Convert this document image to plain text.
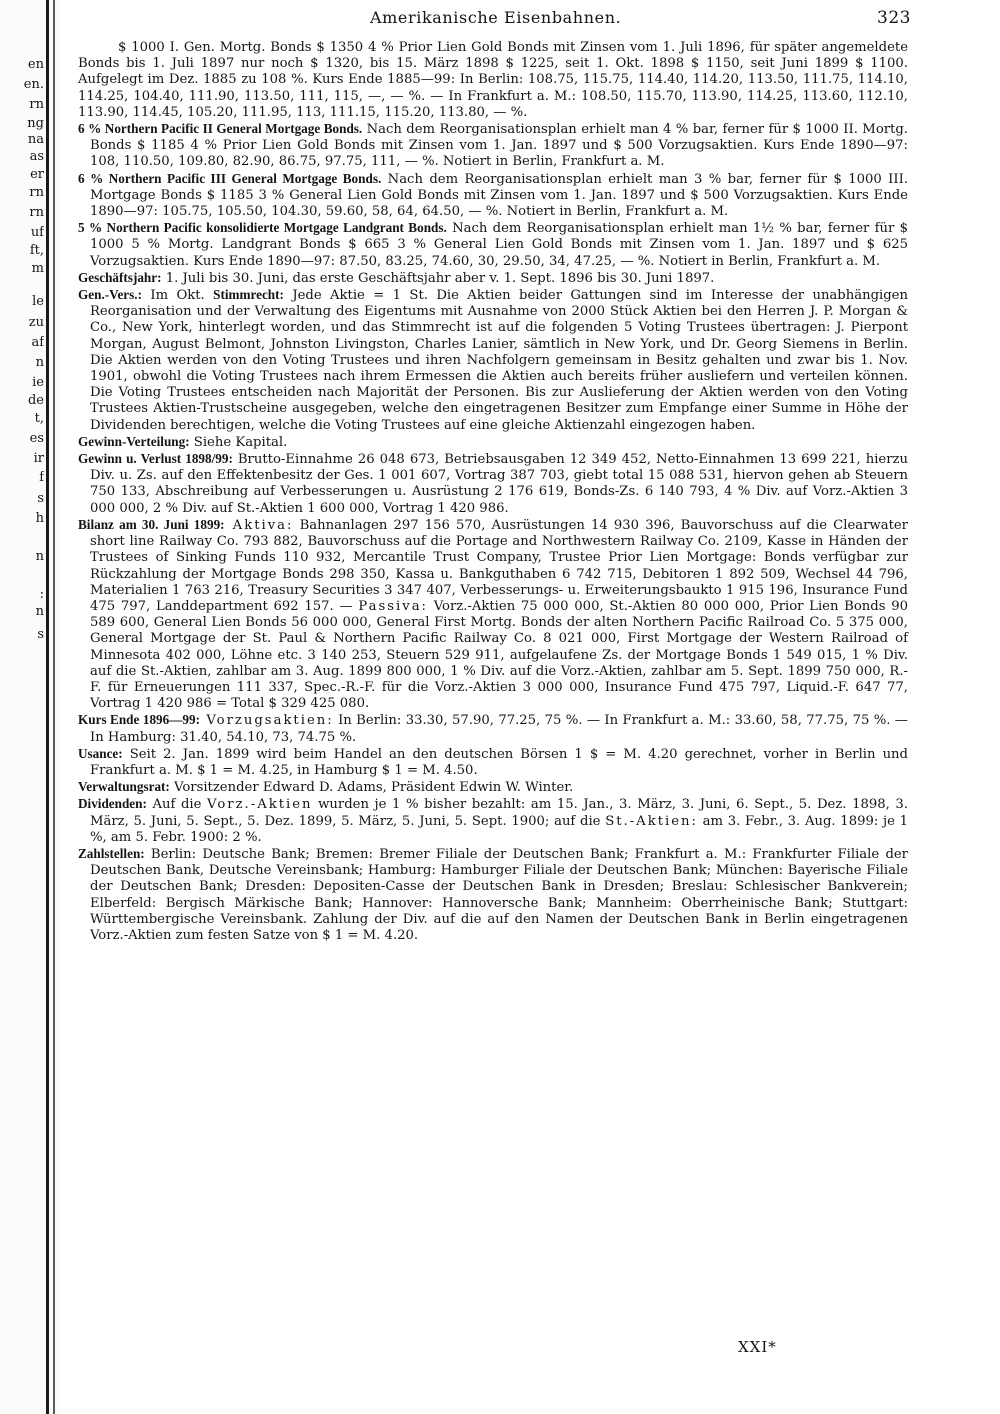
en
en.
rn
ng
na
as
er
rn
rn
uf
ft,
m
le
zu
af
n
ie
de
t,
es
ir
f
s
h
n
:
n
s
Amerikanische Eisenbahnen.	323

$ 1000 I. Gen. Mortg. Bonds $ 1350 4 % Prior Lien Gold Bonds mit Zinsen vom 1. Juli 1896, für später angemeldete Bonds bis 1. Juli 1897 nur noch $ 1320, bis 15. März 1898 $ 1225, seit 1. Okt. 1898 $ 1150, seit Juni 1899 $ 1100. Aufgelegt im Dez. 1885 zu 108 %. Kurs Ende 1885—99: In Berlin: 108.75, 115.75, 114.40, 114.20, 113.50, 111.75, 114.10, 114.25, 104.40, 111.90, 113.50, 111, 115, —, — %. — In Frankfurt a. M.: 108.50, 115.70, 113.90, 114.25, 113.60, 112.10, 113.90, 114.45, 105.20, 111.95, 113, 111.15, 115.20, 113.80, — %.

6 % Northern Pacific II General Mortgage Bonds. Nach dem Reorganisationsplan erhielt man 4 % bar, ferner für $ 1000 II. Mortg. Bonds $ 1185 4 % Prior Lien Gold Bonds mit Zinsen vom 1. Jan. 1897 und $ 500 Vorzugsaktien. Kurs Ende 1890—97: 108, 110.50, 109.80, 82.90, 86.75, 97.75, 111, — %. Notiert in Berlin, Frankfurt a. M.

6 % Northern Pacific III General Mortgage Bonds. Nach dem Reorganisationsplan erhielt man 3 % bar, ferner für $ 1000 III. Mortgage Bonds $ 1185 3 % General Lien Gold Bonds mit Zinsen vom 1. Jan. 1897 und $ 500 Vorzugsaktien. Kurs Ende 1890—97: 105.75, 105.50, 104.30, 59.60, 58, 64, 64.50, — %. Notiert in Berlin, Frankfurt a. M.

5 % Northern Pacific konsolidierte Mortgage Landgrant Bonds. Nach dem Reorganisationsplan erhielt man 1½ % bar, ferner für $ 1000 5 % Mortg. Landgrant Bonds $ 665 3 % General Lien Gold Bonds mit Zinsen vom 1. Jan. 1897 und $ 625 Vorzugsaktien. Kurs Ende 1890—97: 87.50, 83.25, 74.60, 30, 29.50, 34, 47.25, — %. Notiert in Berlin, Frankfurt a. M.

Geschäftsjahr: 1. Juli bis 30. Juni, das erste Geschäftsjahr aber v. 1. Sept. 1896 bis 30. Juni 1897.

Gen.-Vers.: Im Okt. Stimmrecht: Jede Aktie = 1 St. Die Aktien beider Gattungen sind im Interesse der unabhängigen Reorganisation und der Verwaltung des Eigentums mit Ausnahme von 2000 Stück Aktien bei den Herren J. P. Morgan & Co., New York, hinterlegt worden, und das Stimmrecht ist auf die folgenden 5 Voting Trustees übertragen: J. Pierpont Morgan, August Belmont, Johnston Livingston, Charles Lanier, sämtlich in New York, und Dr. Georg Siemens in Berlin. Die Aktien werden von den Voting Trustees und ihren Nachfolgern gemeinsam in Besitz gehalten und zwar bis 1. Nov. 1901, obwohl die Voting Trustees nach ihrem Ermessen die Aktien auch bereits früher ausliefern und verteilen können. Die Voting Trustees entscheiden nach Majorität der Personen. Bis zur Auslieferung der Aktien werden von den Voting Trustees Aktien-Trustscheine ausgegeben, welche den eingetragenen Besitzer zum Empfange einer Summe in Höhe der Dividenden berechtigen, welche die Voting Trustees auf eine gleiche Aktienzahl eingezogen haben.

Gewinn-Verteilung: Siehe Kapital.

Gewinn u. Verlust 1898/99: Brutto-Einnahme 26 048 673, Betriebsausgaben 12 349 452, Netto-Einnahmen 13 699 221, hierzu Div. u. Zs. auf den Effektenbesitz der Ges. 1 001 607, Vortrag 387 703, giebt total 15 088 531, hiervon gehen ab Steuern 750 133, Abschreibung auf Verbesserungen u. Ausrüstung 2 176 619, Bonds-Zs. 6 140 793, 4 % Div. auf Vorz.-Aktien 3 000 000, 2 % Div. auf St.-Aktien 1 600 000, Vortrag 1 420 986.

Bilanz am 30. Juni 1899: Aktiva: Bahnanlagen 297 156 570, Ausrüstungen 14 930 396, Bauvorschuss auf die Clearwater short line Railway Co. 793 882, Bauvorschuss auf die Portage and Northwestern Railway Co. 2109, Kasse in Händen der Trustees of Sinking Funds 110 932, Mercantile Trust Company, Trustee Prior Lien Mortgage: Bonds verfügbar zur Rückzahlung der Mortgage Bonds 298 350, Kassa u. Bankguthaben 6 742 715, Debitoren 1 892 509, Wechsel 44 796, Materialien 1 763 216, Treasury Securities 3 347 407, Verbesserungs- u. Erweiterungsbaukto 1 915 196, Insurance Fund 475 797, Landdepartment 692 157. — Passiva: Vorz.-Aktien 75 000 000, St.-Aktien 80 000 000, Prior Lien Bonds 90 589 600, General Lien Bonds 56 000 000, General First Mortg. Bonds der alten Northern Pacific Railroad Co. 5 375 000, General Mortgage der St. Paul & Northern Pacific Railway Co. 8 021 000, First Mortgage der Western Railroad of Minnesota 402 000, Löhne etc. 3 140 253, Steuern 529 911, aufgelaufene Zs. der Mortgage Bonds 1 549 015, 1 % Div. auf die St.-Aktien, zahlbar am 3. Aug. 1899 800 000, 1 % Div. auf die Vorz.-Aktien, zahlbar am 5. Sept. 1899 750 000, R.-F. für Erneuerungen 111 337, Spec.-R.-F. für die Vorz.-Aktien 3 000 000, Insurance Fund 475 797, Liquid.-F. 647 77, Vortrag 1 420 986 = Total $ 329 425 080.

Kurs Ende 1896—99: Vorzugsaktien: In Berlin: 33.30, 57.90, 77.25, 75 %. — In Frankfurt a. M.: 33.60, 58, 77.75, 75 %. — In Hamburg: 31.40, 54.10, 73, 74.75 %.

Usance: Seit 2. Jan. 1899 wird beim Handel an den deutschen Börsen 1 $ = M. 4.20 gerechnet, vorher in Berlin und Frankfurt a. M. $ 1 = M. 4.25, in Hamburg $ 1 = M. 4.50.

Verwaltungsrat: Vorsitzender Edward D. Adams, Präsident Edwin W. Winter.

Dividenden: Auf die Vorz.-Aktien wurden je 1 % bisher bezahlt: am 15. Jan., 3. März, 3. Juni, 6. Sept., 5. Dez. 1898, 3. März, 5. Juni, 5. Sept., 5. Dez. 1899, 5. März, 5. Juni, 5. Sept. 1900; auf die St.-Aktien: am 3. Febr., 3. Aug. 1899: je 1 %, am 5. Febr. 1900: 2 %.

Zahlstellen: Berlin: Deutsche Bank; Bremen: Bremer Filiale der Deutschen Bank; Frankfurt a. M.: Frankfurter Filiale der Deutschen Bank, Deutsche Vereinsbank; Hamburg: Hamburger Filiale der Deutschen Bank; München: Bayerische Filiale der Deutschen Bank; Dresden: Depositen-Casse der Deutschen Bank in Dresden; Breslau: Schlesischer Bankverein; Elberfeld: Bergisch Märkische Bank; Hannover: Hannoversche Bank; Mannheim: Oberrheinische Bank; Stuttgart: Württembergische Vereinsbank. Zahlung der Div. auf die auf den Namen der Deutschen Bank in Berlin eingetragenen Vorz.-Aktien zum festen Satze von $ 1 = M. 4.20.

XXI*
